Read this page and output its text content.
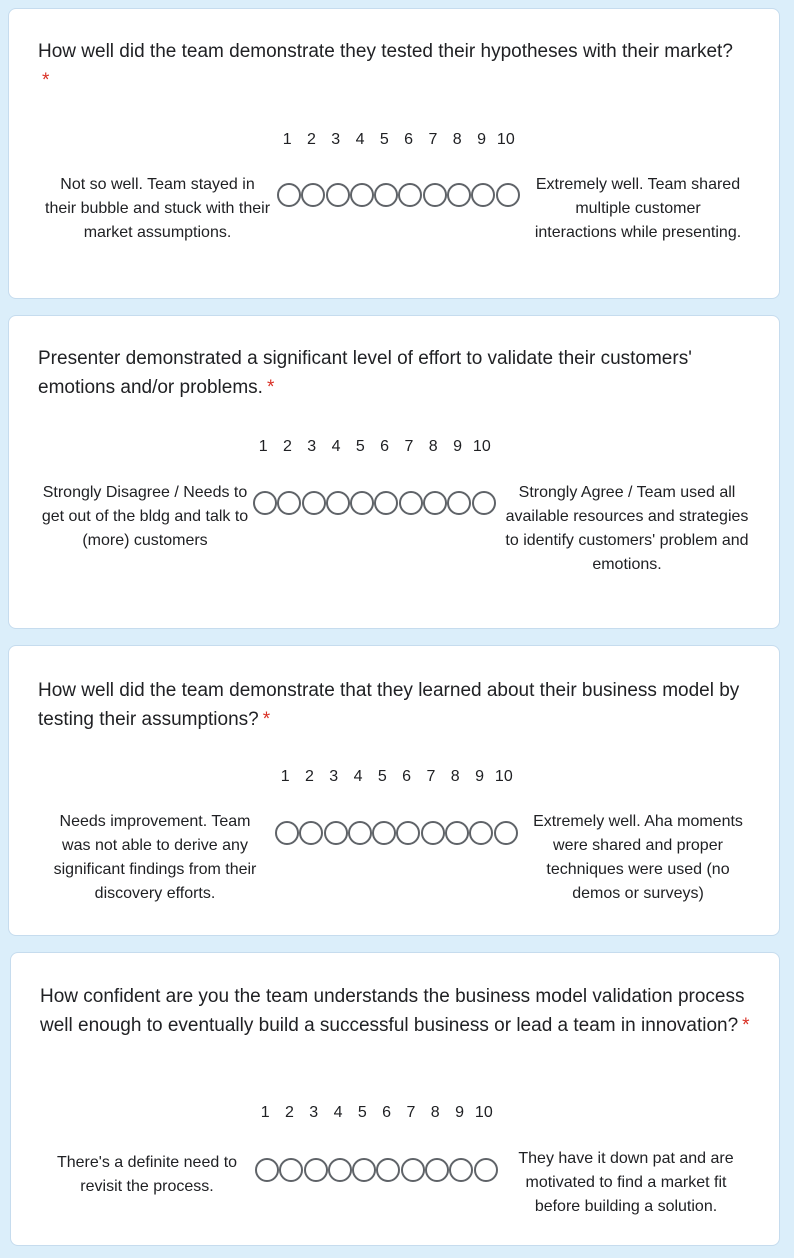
How well did the team demonstrate they tested their hypotheses with their market?*
1 2 3 4 5 6 7 8 9 10
Not so well. Team stayed in their bubble and stuck with their market assumptions.
Extremely well. Team shared multiple customer interactions while presenting.
Presenter demonstrated a significant level of effort to validate their customers' emotions and/or problems. *
1 2 3 4 5 6 7 8 9 10
Strongly Disagree / Needs to get out of the bldg and talk to (more) customers
Strongly Agree / Team used all available resources and strategies to identify customers' problem and emotions.
How well did the team demonstrate that they learned about their business model by testing their assumptions? *
1 2 3 4 5 6 7 8 9 10
Needs improvement. Team was not able to derive any significant findings from their discovery efforts.
Extremely well. Aha moments were shared and proper techniques were used (no demos or surveys)
How confident are you the team understands the business model validation process well enough to eventually build a successful business or lead a team in innovation? *
1 2 3 4 5 6 7 8 9 10
There's a definite need to revisit the process.
They have it down pat and are motivated to find a market fit before building a solution.
